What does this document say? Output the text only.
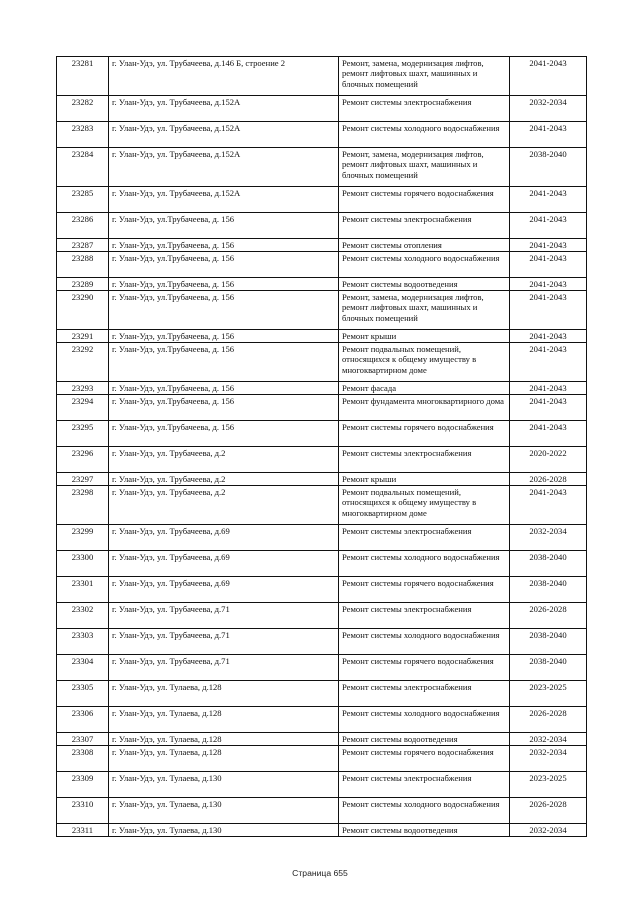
23281	г. Улан-Удэ, ул. Трубачеева, д.146 Б, строение 2	Ремонт, замена, модернизация лифтов, ремонт лифтовых шахт, машинных и блочных помещений	2041-2043
23282	г. Улан-Удэ, ул. Трубачеева, д.152А	Ремонт системы электроснабжения	2032-2034
23283	г. Улан-Удэ, ул. Трубачеева, д.152А	Ремонт системы холодного водоснабжения	2041-2043
23284	г. Улан-Удэ, ул. Трубачеева, д.152А	Ремонт, замена, модернизация лифтов, ремонт лифтовых шахт, машинных и блочных помещений	2038-2040
23285	г. Улан-Удэ, ул. Трубачеева, д.152А	Ремонт системы горячего водоснабжения	2041-2043
23286	г. Улан-Удэ, ул.Трубачеева, д. 156	Ремонт системы электроснабжения	2041-2043
23287	г. Улан-Удэ, ул.Трубачеева, д. 156	Ремонт системы отопления	2041-2043
23288	г. Улан-Удэ, ул.Трубачеева, д. 156	Ремонт системы холодного водоснабжения	2041-2043
23289	г. Улан-Удэ, ул.Трубачеева, д. 156	Ремонт системы водоотведения	2041-2043
23290	г. Улан-Удэ, ул.Трубачеева, д. 156	Ремонт, замена, модернизация лифтов, ремонт лифтовых шахт, машинных и блочных помещений	2041-2043
23291	г. Улан-Удэ, ул.Трубачеева, д. 156	Ремонт крыши	2041-2043
23292	г. Улан-Удэ, ул.Трубачеева, д. 156	Ремонт подвальных помещений, относящихся к общему имуществу в многоквартирном доме	2041-2043
23293	г. Улан-Удэ, ул.Трубачеева, д. 156	Ремонт фасада	2041-2043
23294	г. Улан-Удэ, ул.Трубачеева, д. 156	Ремонт фундамента многоквартирного дома	2041-2043
23295	г. Улан-Удэ, ул.Трубачеева, д. 156	Ремонт системы горячего водоснабжения	2041-2043
23296	г. Улан-Удэ, ул. Трубачеева, д.2	Ремонт системы электроснабжения	2020-2022
23297	г. Улан-Удэ, ул. Трубачеева, д.2	Ремонт крыши	2026-2028
23298	г. Улан-Удэ, ул. Трубачеева, д.2	Ремонт подвальных помещений, относящихся к общему имуществу в многоквартирном доме	2041-2043
23299	г. Улан-Удэ, ул. Трубачеева, д.69	Ремонт системы электроснабжения	2032-2034
23300	г. Улан-Удэ, ул. Трубачеева, д.69	Ремонт системы холодного водоснабжения	2038-2040
23301	г. Улан-Удэ, ул. Трубачеева, д.69	Ремонт системы горячего водоснабжения	2038-2040
23302	г. Улан-Удэ, ул. Трубачеева, д.71	Ремонт системы электроснабжения	2026-2028
23303	г. Улан-Удэ, ул. Трубачеева, д.71	Ремонт системы холодного водоснабжения	2038-2040
23304	г. Улан-Удэ, ул. Трубачеева, д.71	Ремонт системы горячего водоснабжения	2038-2040
23305	г. Улан-Удэ, ул. Тулаева, д.128	Ремонт системы электроснабжения	2023-2025
23306	г. Улан-Удэ, ул. Тулаева, д.128	Ремонт системы холодного водоснабжения	2026-2028
23307	г. Улан-Удэ, ул. Тулаева, д.128	Ремонт системы водоотведения	2032-2034
23308	г. Улан-Удэ, ул. Тулаева, д.128	Ремонт системы горячего водоснабжения	2032-2034
23309	г. Улан-Удэ, ул. Тулаева, д.130	Ремонт системы электроснабжения	2023-2025
23310	г. Улан-Удэ, ул. Тулаева, д.130	Ремонт системы холодного водоснабжения	2026-2028
23311	г. Улан-Удэ, ул. Тулаева, д.130	Ремонт системы водоотведения	2032-2034
Страница 655
